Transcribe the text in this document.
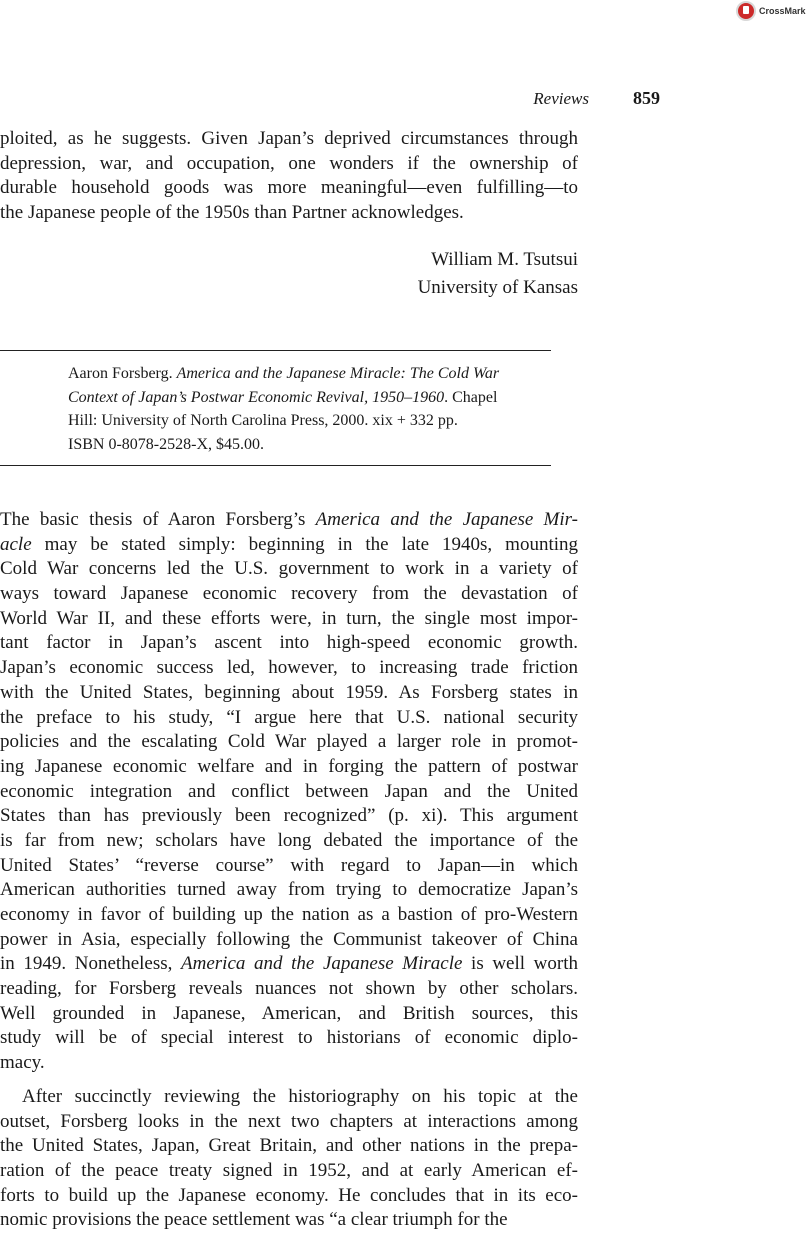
CrossMark
Reviews 859
ploited, as he suggests. Given Japan’s deprived circumstances through
depression, war, and occupation, one wonders if the ownership of
durable household goods was more meaningful—even fulfilling—to
the Japanese people of the 1950s than Partner acknowledges.
William M. Tsutsui
University of Kansas
Aaron Forsberg. America and the Japanese Miracle: The Cold War
Context of Japan’s Postwar Economic Revival, 1950–1960. Chapel
Hill: University of North Carolina Press, 2000. xix + 332 pp.
ISBN 0-8078-2528-X, $45.00.
The basic thesis of Aaron Forsberg’s America and the Japanese Mir-
acle may be stated simply: beginning in the late 1940s, mounting
Cold War concerns led the U.S. government to work in a variety of
ways toward Japanese economic recovery from the devastation of
World War II, and these efforts were, in turn, the single most impor-
tant factor in Japan’s ascent into high-speed economic growth.
Japan’s economic success led, however, to increasing trade friction
with the United States, beginning about 1959. As Forsberg states in
the preface to his study, “I argue here that U.S. national security
policies and the escalating Cold War played a larger role in promot-
ing Japanese economic welfare and in forging the pattern of postwar
economic integration and conflict between Japan and the United
States than has previously been recognized” (p. xi). This argument
is far from new; scholars have long debated the importance of the
United States’ “reverse course” with regard to Japan—in which
American authorities turned away from trying to democratize Japan’s
economy in favor of building up the nation as a bastion of pro-Western
power in Asia, especially following the Communist takeover of China
in 1949. Nonetheless, America and the Japanese Miracle is well worth
reading, for Forsberg reveals nuances not shown by other scholars.
Well grounded in Japanese, American, and British sources, this
study will be of special interest to historians of economic diplo-
macy.
After succinctly reviewing the historiography on his topic at the
outset, Forsberg looks in the next two chapters at interactions among
the United States, Japan, Great Britain, and other nations in the prepa-
ration of the peace treaty signed in 1952, and at early American ef-
forts to build up the Japanese economy. He concludes that in its eco-
nomic provisions the peace settlement was “a clear triumph for the
